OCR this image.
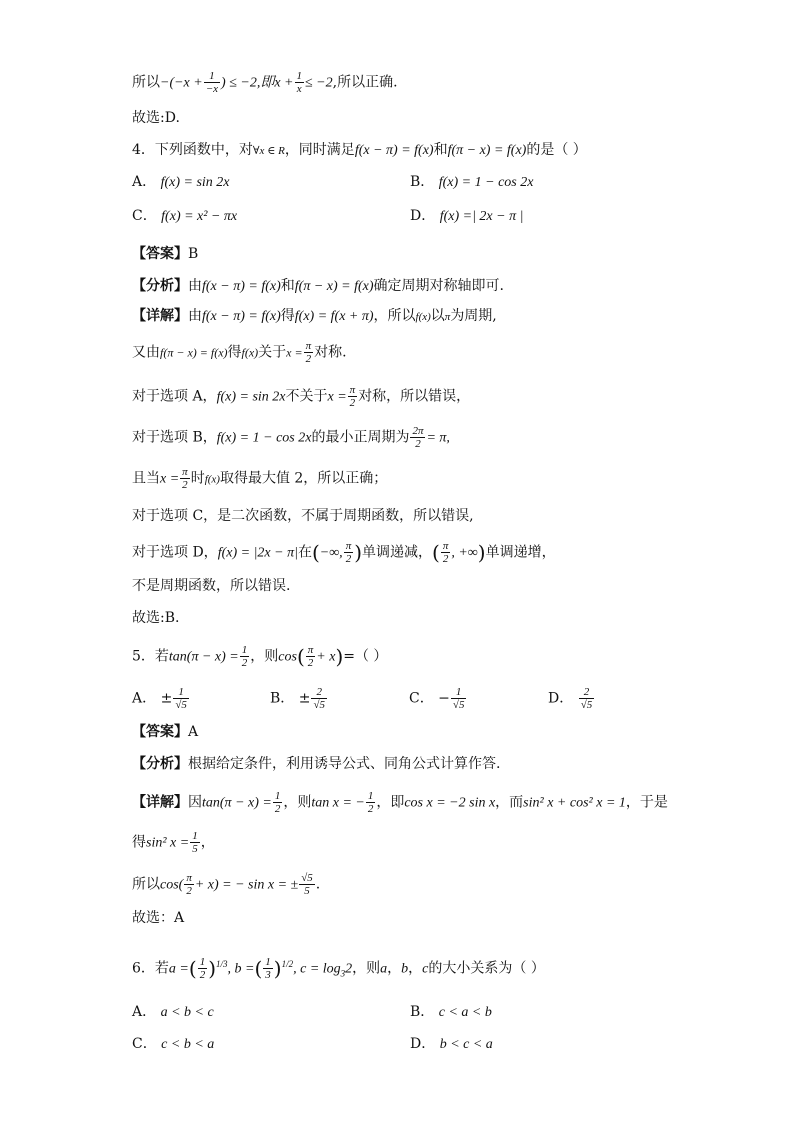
所以$-(-x + \frac{1}{-x}$ ) ≤ −2,即$x + \frac{1}{x} \le -2$,所以正确.
故选:D.
4．下列函数中，对∀x ∈ R，同时满足f(x − π) = f(x)和f(π − x) = f(x)的是（ ）
A． f(x) = sin 2x	B． f(x) = 1 − cos 2x
C． f(x) = x² − πx	D． f(x) =| 2x − π |
【答案】B
【分析】由f(x − π) = f(x)和f(π − x) = f(x)确定周期对称轴即可.
【详解】由f(x − π) = f(x)得f(x) = f(x + π)，所以f(x)以π为周期,
又由f(π − x) = f(x)得f(x)关于$x = \frac{\pi}{2}$ 对称.
对于选项 A，f(x) = sin 2x不关于$x = \frac{\pi}{2}$ 对称，所以错误，
对于选项 B，f(x) = 1 − cos 2x的最小正周期为 $\frac{2\pi}{2} = \pi$,
且当$x = \frac{\pi}{2}$ 时f(x)取得最大值 2，所以正确；
对于选项 C，是二次函数，不属于周期函数，所以错误,
对于选项 D，f(x) = |2x − π|在(−∞, $\frac{\pi}{2}$ )单调递减，( $\frac{\pi}{2}$ , +∞)单调递增，
不是周期函数，所以错误.
故选:B.
5．若$\tan(\pi - x) = \frac{1}{2}$ ，则$\cos( \frac{\pi}{2} + x)=$（ ）
A． ± $\frac{1}{√5}$	B． ± $\frac{2}{√5}$	C． − $\frac{1}{√5}$	D． $\frac{2}{√5}$
【答案】A
【分析】根据给定条件，利用诱导公式、同角公式计算作答.
【详解】因$\tan(\pi - x) = \frac{1}{2}$ ，则tan x = − $\frac{1}{2}$ ，即cos x = −2 sin x，而sin² x + cos² x = 1，于是
得sin² $x = \frac{1}{5}$ ，
所以$\cos( \frac{\pi}{2} + x)$ = − sin x = ± $\frac{√5}{5}$ .
故选：A
6．若a =( $\frac{1}{2} )^{1/3}$, b =( $\frac{1}{3} )^{1/2}$, $c = \log_32$，则a，b，c的大小关系为（ ）
A． a < b < c	B． c < a < b
C． c < b < a	D． b < c < a
